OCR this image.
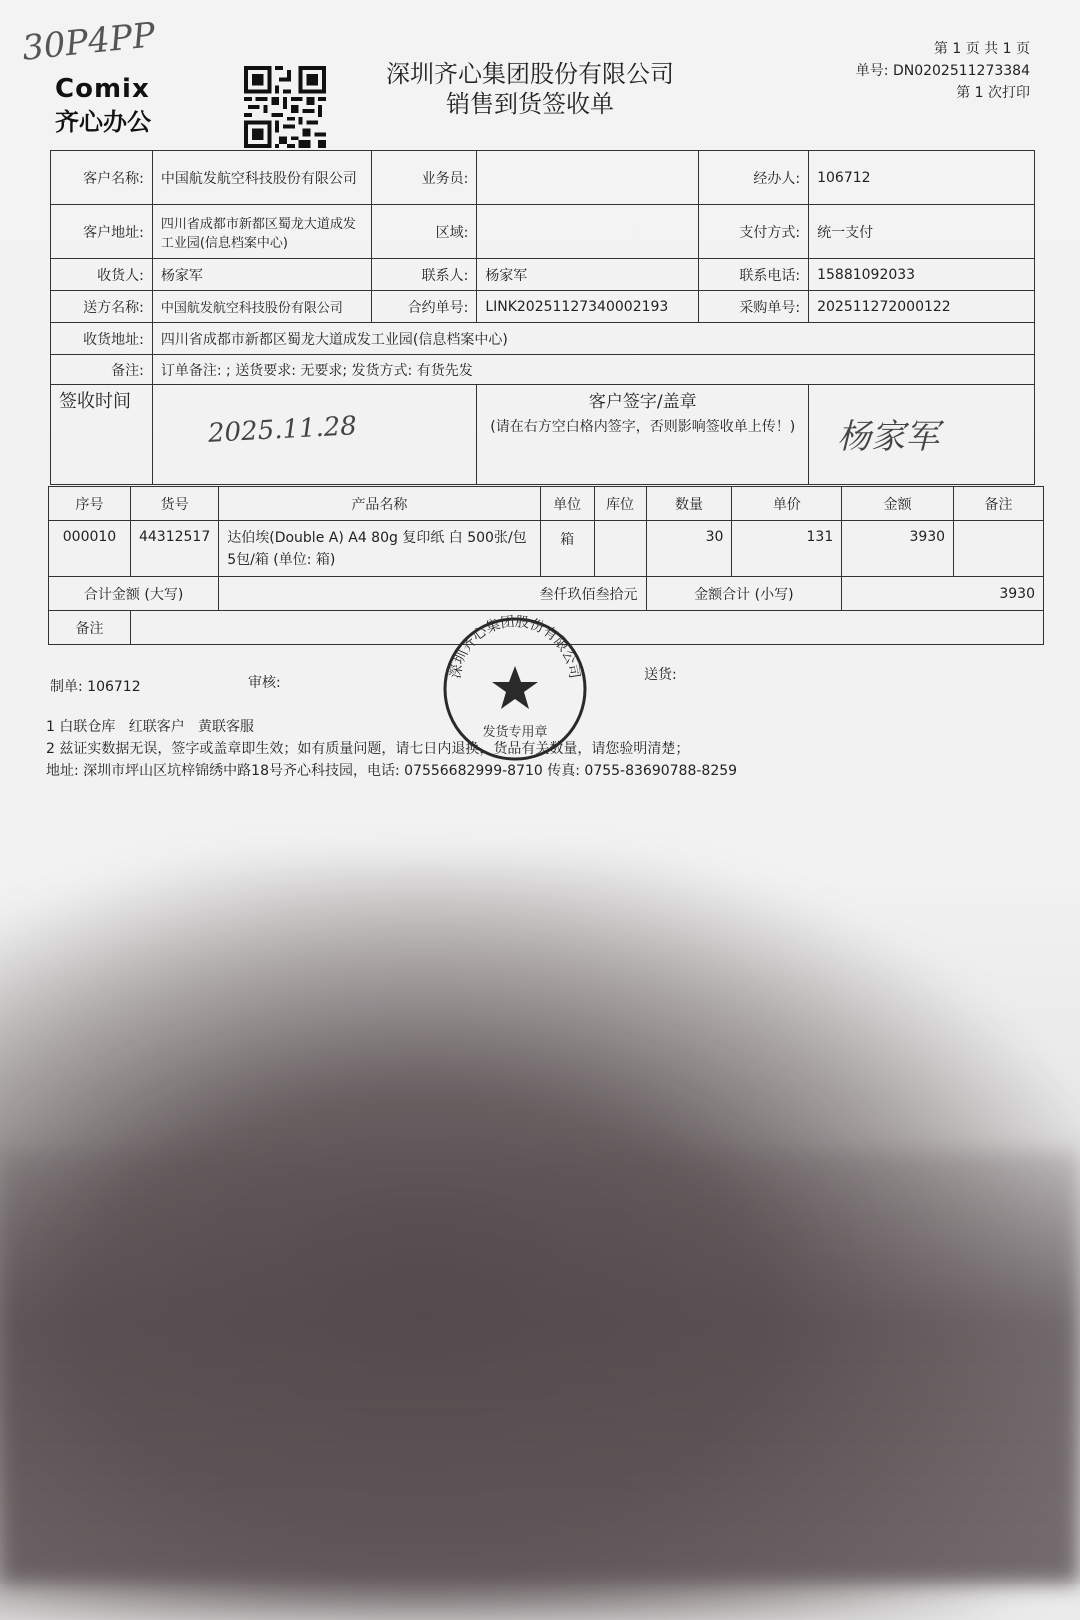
30P4PP
Comix
齐心办公
深圳齐心集团股份有限公司
销售到货签收单
第 1 页 共 1 页
单号: DN0202511273384
第 1 次打印
客户名称:	中国航发航空科技股份有限公司	业务员:		经办人:	106712
客户地址:	四川省成都市新都区蜀龙大道成发工业园(信息档案中心)	区域:		支付方式:	统一支付
收货人:	杨家军	联系人:	杨家军	联系电话:	15881092033
送方名称:	中国航发航空科技股份有限公司	合约单号:	LINK20251127340002193	采购单号:	202511272000122
收货地址:	四川省成都市新都区蜀龙大道成发工业园(信息档案中心)				
备注:	订单备注: ; 送货要求: 无要求; 发货方式: 有货先发				
签收时间	2025.11.28		客户签字/盖章
(请在右方空白格内签字，否则影响签收单上传！)		杨家军
序号	货号	产品名称	单位	库位	数量	单价	金额	备注
000010	44312517	达伯埃(Double A) A4 80g 复印纸 白 500张/包 5包/箱 (单位: 箱)	箱		30	131	3930	
合计金额 (大写)		叁仟玖佰叁拾元			金额合计 (小写)		3930	
备注								
制单: 106712	审核:	送货:
1 白联仓库   红联客户   黄联客服
2 兹证实数据无误，签字或盖章即生效；如有质量问题，请七日内退换，货品有关数量，请您验明清楚；
地址: 深圳市坪山区坑梓锦绣中路18号齐心科技园，电话: 07556682999-8710 传真: 0755-83690788-8259
深圳齐心集团股份有限公司
发货专用章
